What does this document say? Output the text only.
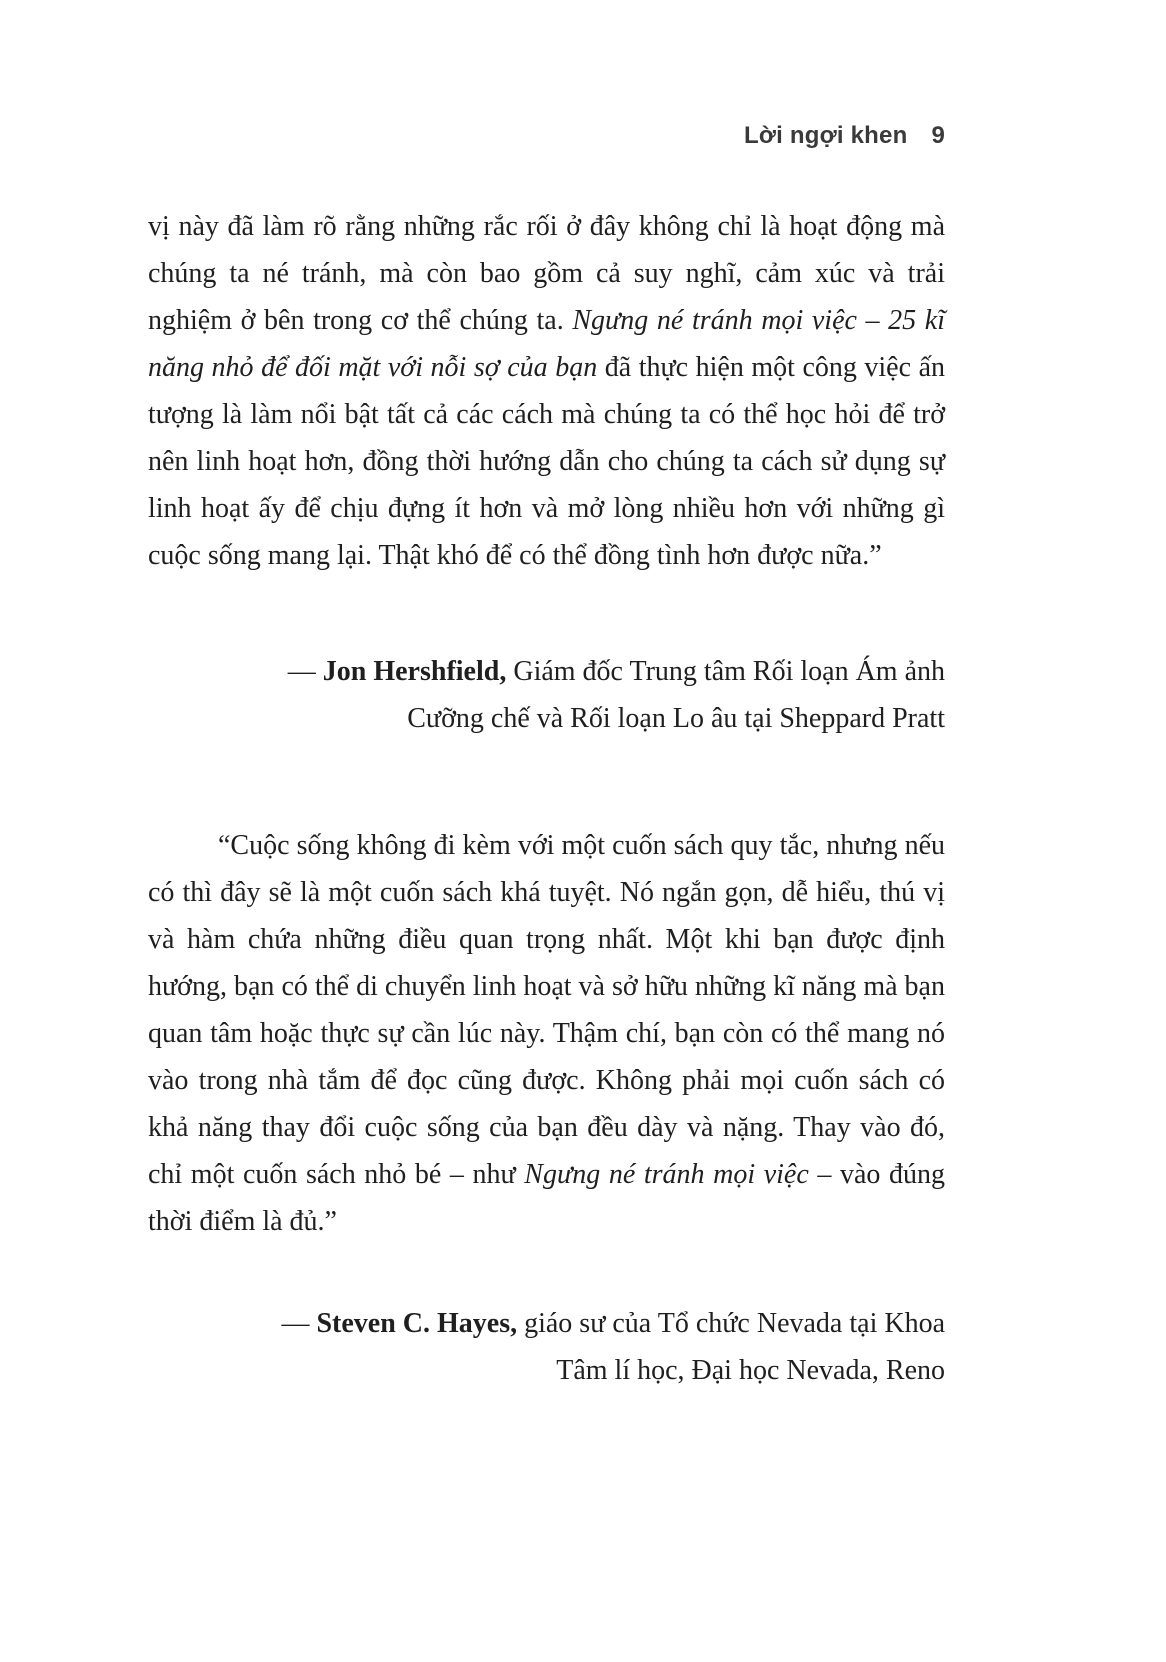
Lời ngợi khen 9

vị này đã làm rõ rằng những rắc rối ở đây không chỉ là hoạt động mà chúng ta né tránh, mà còn bao gồm cả suy nghĩ, cảm xúc và trải nghiệm ở bên trong cơ thể chúng ta. Ngưng né tránh mọi việc – 25 kĩ năng nhỏ để đối mặt với nỗi sợ của bạn đã thực hiện một công việc ấn tượng là làm nổi bật tất cả các cách mà chúng ta có thể học hỏi để trở nên linh hoạt hơn, đồng thời hướng dẫn cho chúng ta cách sử dụng sự linh hoạt ấy để chịu đựng ít hơn và mở lòng nhiều hơn với những gì cuộc sống mang lại. Thật khó để có thể đồng tình hơn được nữa.”

— Jon Hershfield, Giám đốc Trung tâm Rối loạn Ám ảnh Cưỡng chế và Rối loạn Lo âu tại Sheppard Pratt

“Cuộc sống không đi kèm với một cuốn sách quy tắc, nhưng nếu có thì đây sẽ là một cuốn sách khá tuyệt. Nó ngắn gọn, dễ hiểu, thú vị và hàm chứa những điều quan trọng nhất. Một khi bạn được định hướng, bạn có thể di chuyển linh hoạt và sở hữu những kĩ năng mà bạn quan tâm hoặc thực sự cần lúc này. Thậm chí, bạn còn có thể mang nó vào trong nhà tắm để đọc cũng được. Không phải mọi cuốn sách có khả năng thay đổi cuộc sống của bạn đều dày và nặng. Thay vào đó, chỉ một cuốn sách nhỏ bé – như Ngưng né tránh mọi việc – vào đúng thời điểm là đủ.”

— Steven C. Hayes, giáo sư của Tổ chức Nevada tại Khoa Tâm lí học, Đại học Nevada, Reno
